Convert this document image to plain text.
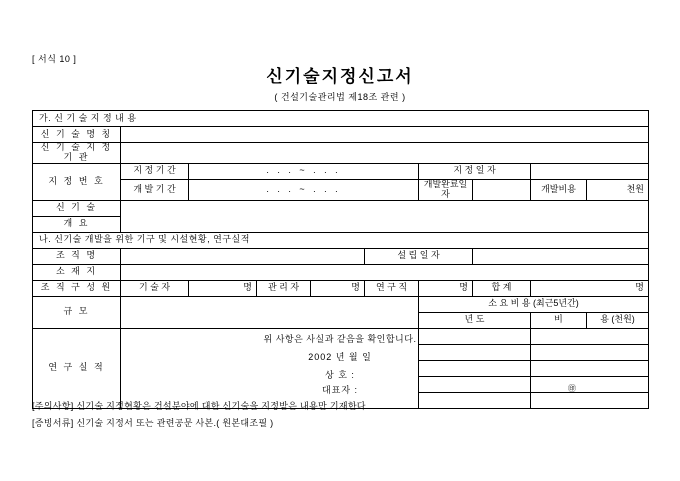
[ 서식 10 ]
신기술지정신고서
( 건설기술관리법 제18조 관련 )
가. 신 기 술 지 정 내 용									
신 기 술 명 칭									
신 기 술 지 정 기 관									
지 정 번 호	지 정 기 간	. . . ~ . . .				지 정 일 자			
	개 발 기 간	. . . ~ . . .				개발완료일자		개발비용	천원
신 기 술									
개 요									
나. 신기술 개발을 위한 기구 및 시설현황, 연구실적									
조 직 명					설 립 일 자				
소 재 지									
조 직 구 성 원	기 술 자	명	관 리 자	명	연 구 직	명	합 계	명	
규 모						소 요 비 용 (최근5년간)			
						년 도		비	용 (천원)
연 구 실 적									

위 사항은 사실과 같음을 확인합니다.
2002 년 월 일
상 호 :
대표자 :	㊞
[주의사항] 신기술 지정현황은 건설분야에 대한 신기술을 지정받은 내용만 기재한다.
[증빙서류] 신기술 지정서 또는 관련공문 사본.( 원본대조필 )
